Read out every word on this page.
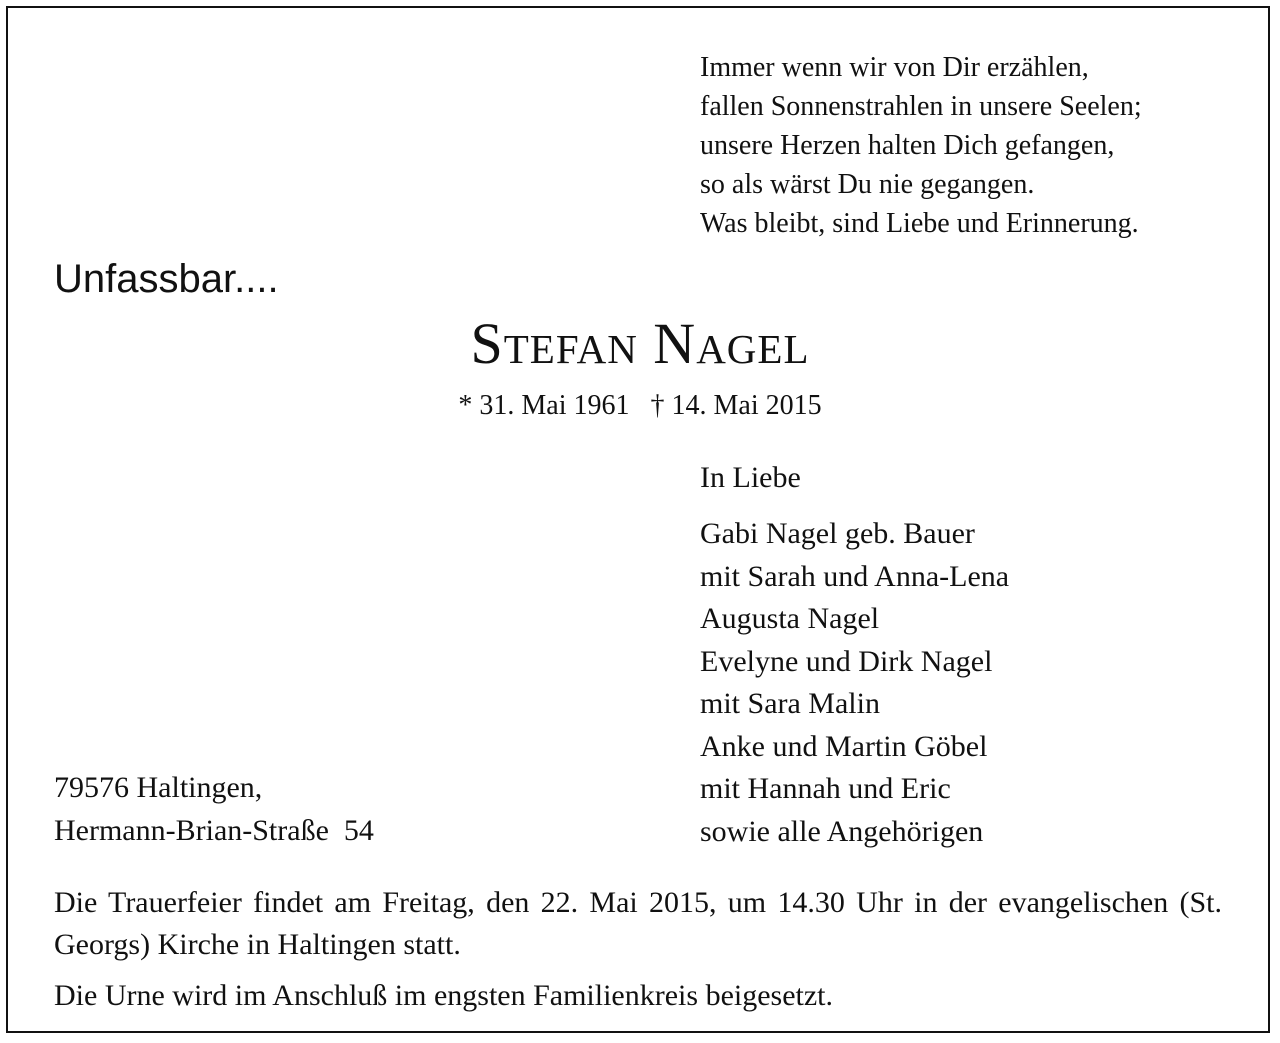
Immer wenn wir von Dir erzählen,
fallen Sonnenstrahlen in unsere Seelen;
unsere Herzen halten Dich gefangen,
so als wärst Du nie gegangen.
Was bleibt, sind Liebe und Erinnerung.
Unfassbar....
Stefan Nagel
* 31. Mai 1961   † 14. Mai 2015
In Liebe
Gabi Nagel geb. Bauer
mit Sarah und Anna-Lena
Augusta Nagel
Evelyne und Dirk Nagel
mit Sara Malin
Anke und Martin Göbel
mit Hannah und Eric
sowie alle Angehörigen
79576 Haltingen,
Hermann-Brian-Straße  54
Die Trauerfeier findet am Freitag, den 22. Mai 2015, um 14.30 Uhr in der evangelischen (St. Georgs) Kirche in Haltingen statt.
Die Urne wird im Anschluß im engsten Familienkreis beigesetzt.
